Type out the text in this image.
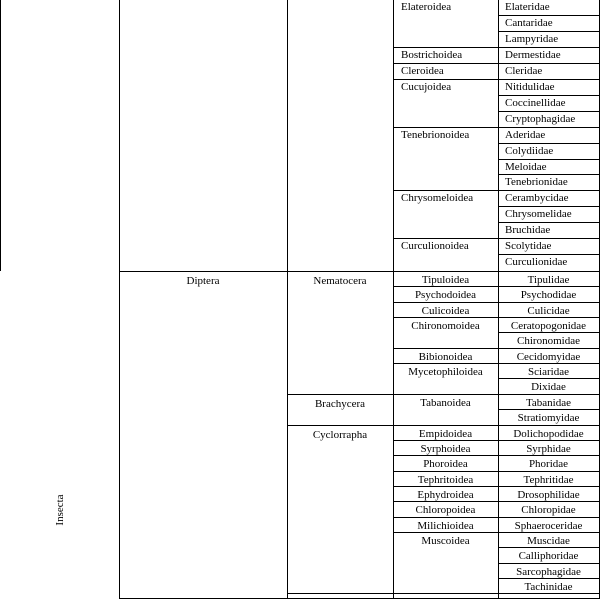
Insecta
Diptera
Elateroidea	Elateridae
Cantaridae
Lampyridae
Bostrichoidea	Dermestidae
Cleroidea	Cleridae
Cucujoidea	Nitidulidae
Coccinellidae
Cryptophagidae
Tenebrionoidea	Aderidae
Colydiidae
Meloidae
Tenebrionidae
Chrysomeloidea	Cerambycidae
Chrysomelidae
Bruchidae
Curculionoidea	Scolytidae
Curculionidae
Nematocera	Tipuloidea	Tipulidae
Psychodoidea	Psychodidae
Culicoidea	Culicidae
Chironomoidea	Ceratopogonidae
Chironomidae
Bibionoidea	Cecidomyidae
Mycetophiloidea	Sciaridae
Dixidae
Brachycera	Tabanoidea	Tabanidae
Stratiomyidae
Cyclorrapha	Empidoidea	Dolichopodidae
Syrphoidea	Syrphidae
Phoroidea	Phoridae
Tephritoidea	Tephritidae
Ephydroidea	Drosophilidae
Chloropoidea	Chloropidae
Milichioidea	Sphaeroceridae
Muscoidea	Muscidae
Calliphoridae
Sarcophagidae
Tachinidae
